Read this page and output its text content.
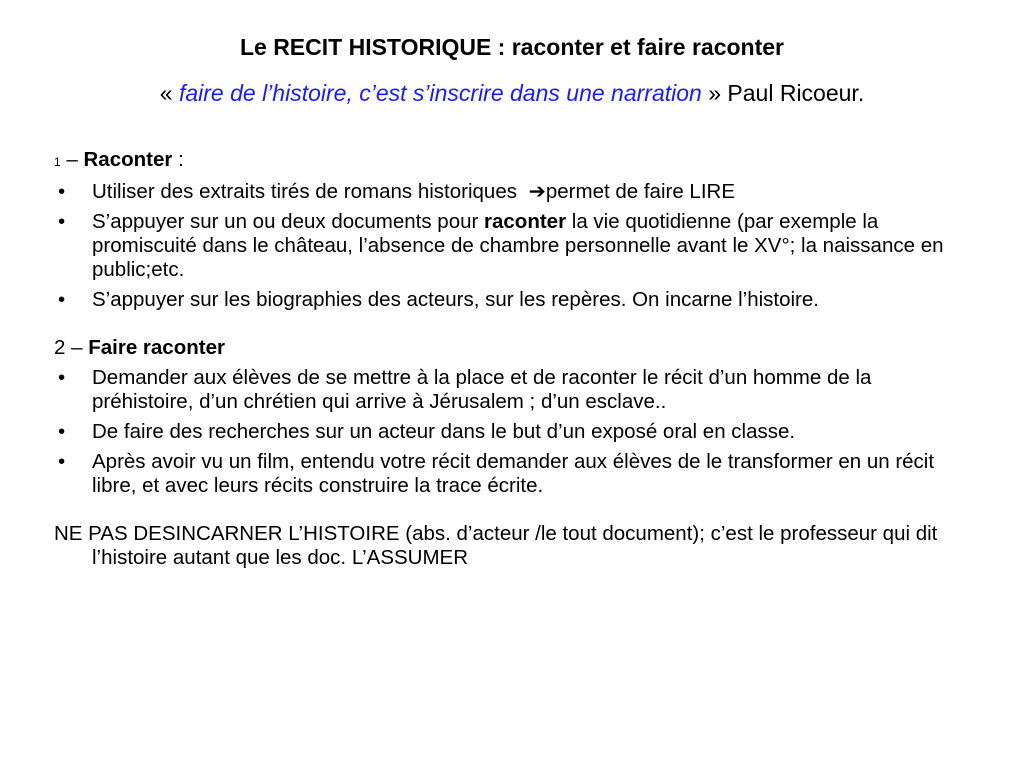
Le RECIT HISTORIQUE : raconter et faire raconter
« faire de l’histoire, c’est s’inscrire dans une narration » Paul Ricoeur.

1 – Raconter :

• Utiliser des extraits tirés de romans historiques ➔permet de faire LIRE
• S’appuyer sur un ou deux documents pour raconter la vie quotidienne (par exemple la promiscuité dans le château, l’absence de chambre personnelle avant le XV°; la naissance en public;etc.
• S’appuyer sur les biographies des acteurs, sur les repères. On incarne l’histoire.

2 – Faire raconter

• Demander aux élèves de se mettre à la place et de raconter le récit d’un homme de la préhistoire, d’un chrétien qui arrive à Jérusalem ; d’un esclave..
• De faire des recherches sur un acteur dans le but d’un exposé oral en classe.
• Après avoir vu un film, entendu votre récit demander aux élèves de le transformer en un récit libre, et avec leurs récits construire la trace écrite.

NE PAS DESINCARNER L’HISTOIRE (abs. d’acteur /le tout document); c’est le professeur qui dit l’histoire autant que les doc. L’ASSUMER
